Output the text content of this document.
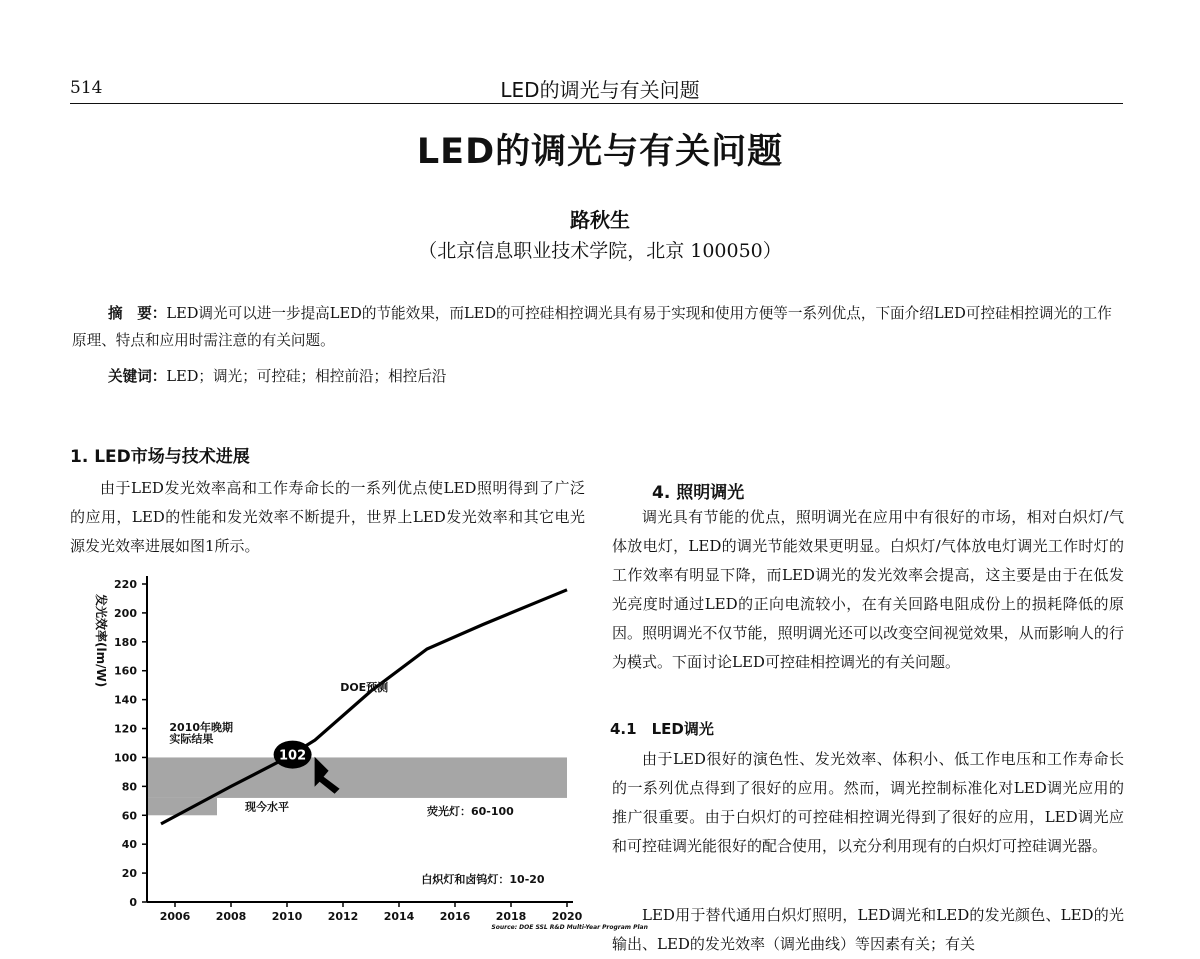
514	LED的调光与有关问题
LED的调光与有关问题
路秋生
（北京信息职业技术学院，北京 100050）
摘　要：LED调光可以进一步提高LED的节能效果，而LED的可控硅相控调光具有易于实现和使用方便等一系列优点，下面介绍LED可控硅相控调光的工作原理、特点和应用时需注意的有关问题。
关键词：LED；调光；可控硅；相控前沿；相控后沿
1. LED市场与技术进展
由于LED发光效率高和工作寿命长的一系列优点使LED照明得到了广泛的应用，LED的性能和发光效率不断提升，世界上LED发光效率和其它电光源发光效率进展如图1所示。
0
20
40
60
80
100
120
140
160
180
200
220
2006 2008 2010 2012 2014 2016 2018 2020
102
DOE预测
2010年晚期
实际结果
现今水平	荧光灯：60-100
白炽灯和卤钨灯：10-20
Source: DOE SSL R&D Multi-Year Program Plan
发光效率(lm/W)
4. 照明调光
调光具有节能的优点，照明调光在应用中有很好的市场，相对白炽灯/气体放电灯，LED的调光节能效果更明显。白炽灯/气体放电灯调光工作时灯的工作效率有明显下降，而LED调光的发光效率会提高，这主要是由于在低发光亮度时通过LED的正向电流较小，在有关回路电阻成份上的损耗降低的原因。照明调光不仅节能，照明调光还可以改变空间视觉效果，从而影响人的行为模式。下面讨论LED可控硅相控调光的有关问题。
4.1　LED调光
由于LED很好的演色性、发光效率、体积小、低工作电压和工作寿命长的一系列优点得到了很好的应用。然而，调光控制标准化对LED调光应用的推广很重要。由于白炽灯的可控硅相控调光得到了很好的应用，LED调光应和可控硅调光能很好的配合使用，以充分利用现有的白炽灯可控硅调光器。
LED用于替代通用白炽灯照明，LED调光和LED的发光颜色、LED的光输出、LED的发光效率（调光曲线）等因素有关；有关
